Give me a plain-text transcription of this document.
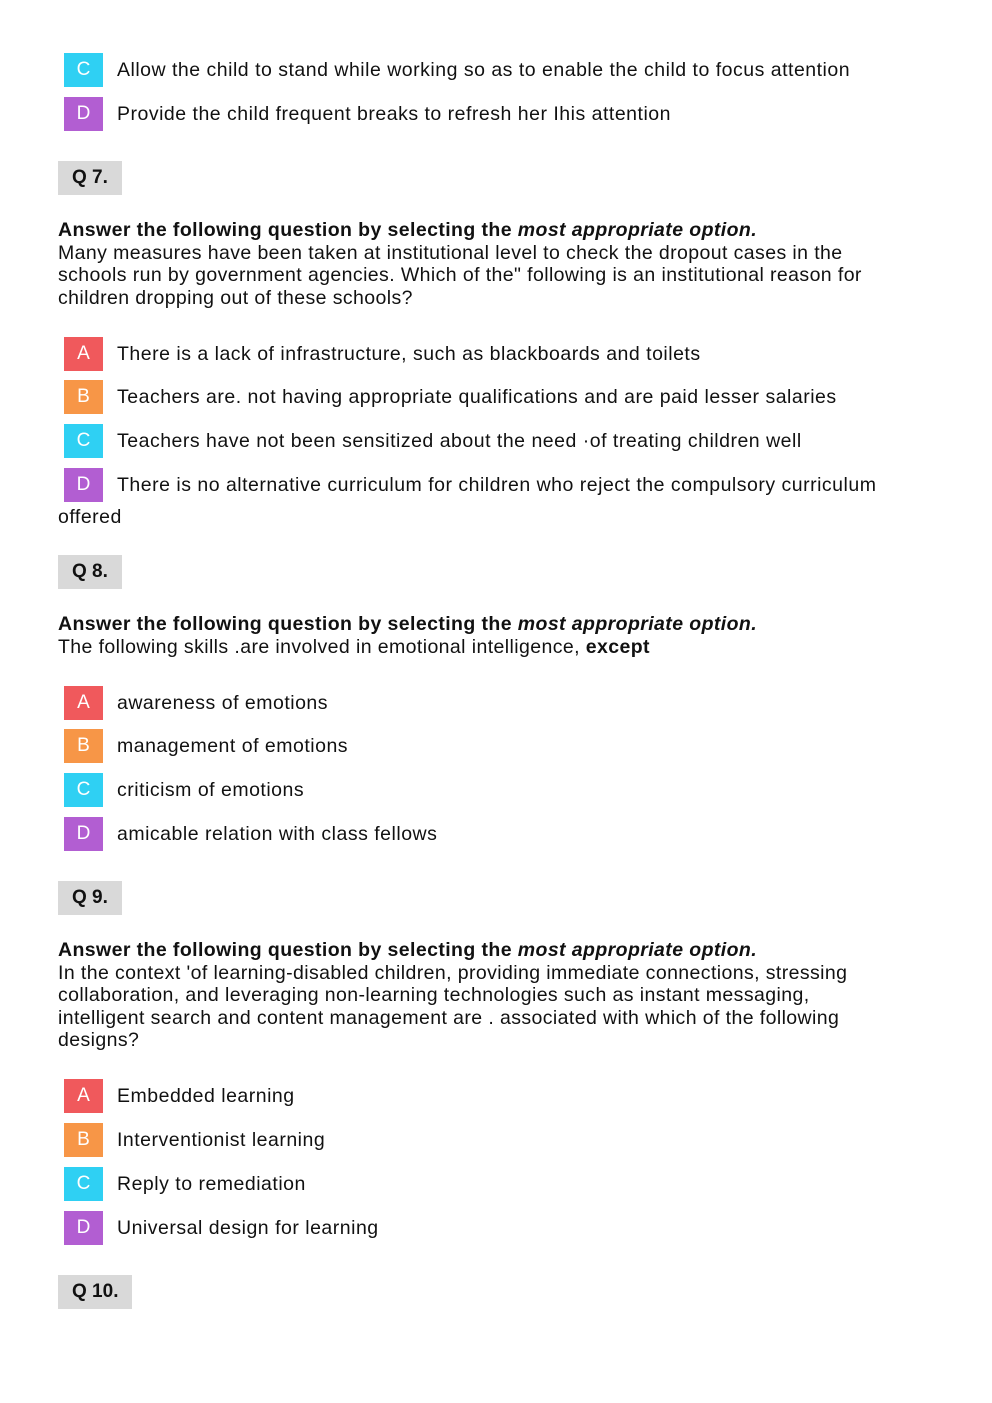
C	Allow the child to stand while working so as to enable the child to focus attention
D	Provide the child frequent breaks to refresh her Ihis attention
Q 7.
Answer the following question by selecting the most appropriate option.
Many measures have been taken at institutional level to check the dropout cases in the
schools run by government agencies. Which of the" following is an institutional reason for
children dropping out of these schools?
A	There is a lack of infrastructure, such as blackboards and toilets
B	Teachers are. not having appropriate qualifications and are paid lesser salaries
C	Teachers have not been sensitized about the need ·of treating children well
D	There is no alternative curriculum for children who reject the compulsory curriculum
offered
Q 8.
Answer the following question by selecting the most appropriate option.
The following skills .are involved in emotional intelligence, except
A	awareness of emotions
B	management of emotions
C	criticism of emotions
D	amicable relation with class fellows
Q 9.
Answer the following question by selecting the most appropriate option.
In the context 'of learning-disabled children, providing immediate connections, stressing
collaboration, and leveraging non-learning technologies such as instant messaging,
intelligent search and content management are . associated with which of the following
designs?
A	Embedded learning
B	Interventionist learning
C	Reply to remediation
D	Universal design for learning
Q 10.
